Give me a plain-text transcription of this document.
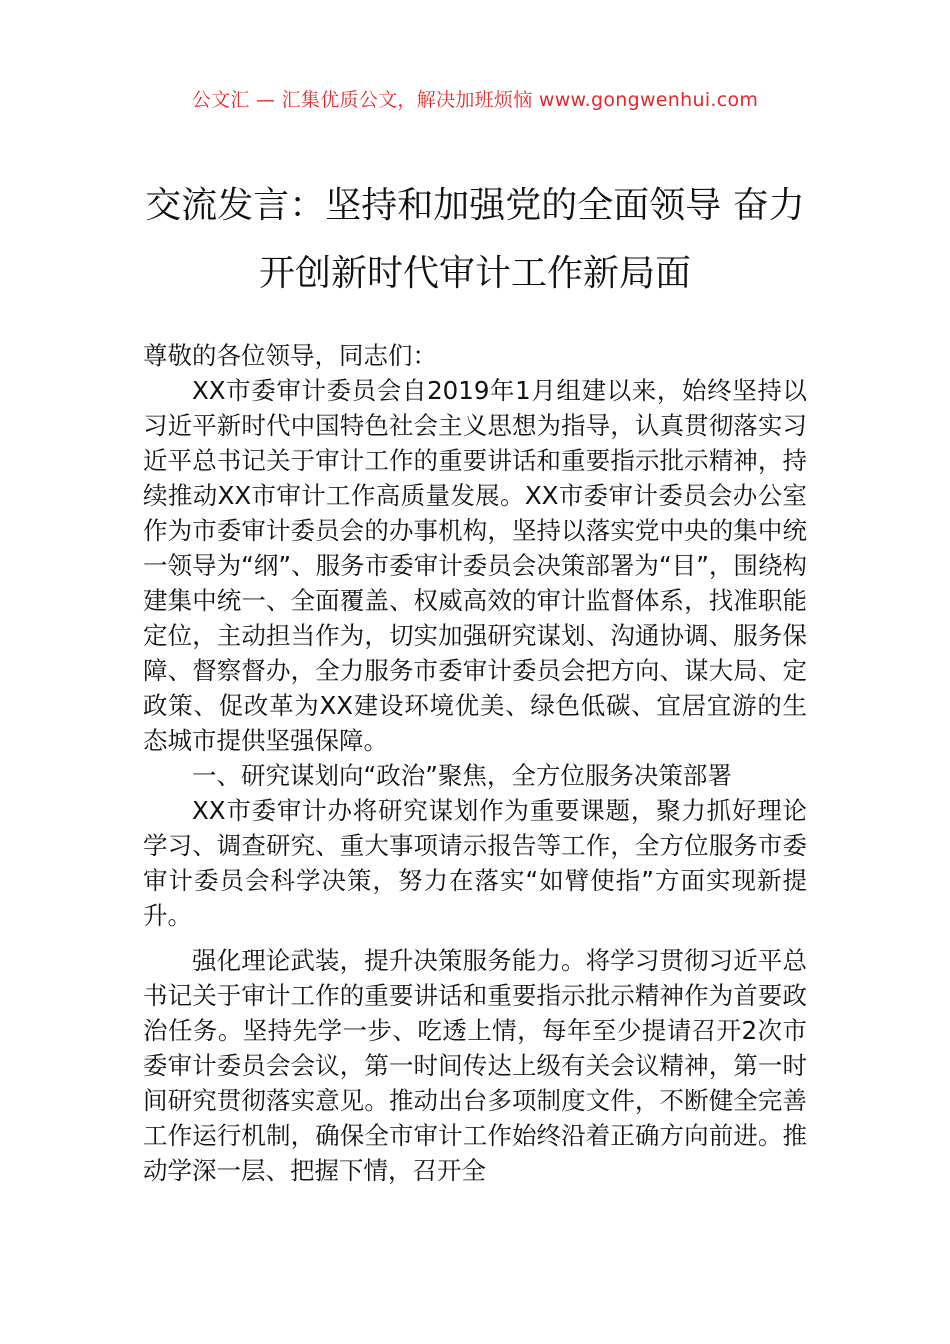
公文汇 — 汇集优质公文，解决加班烦恼 www.gongwenhui.com
交流发言：坚持和加强党的全面领导 奋力开创新时代审计工作新局面

尊敬的各位领导，同志们：

XX市委审计委员会自2019年1月组建以来，始终坚持以习近平新时代中国特色社会主义思想为指导，认真贯彻落实习近平总书记关于审计工作的重要讲话和重要指示批示精神，持续推动XX市审计工作高质量发展。XX市委审计委员会办公室作为市委审计委员会的办事机构，坚持以落实党中央的集中统一领导为“纲”、服务市委审计委员会决策部署为“目”，围绕构建集中统一、全面覆盖、权威高效的审计监督体系，找准职能定位，主动担当作为，切实加强研究谋划、沟通协调、服务保障、督察督办，全力服务市委审计委员会把方向、谋大局、定政策、促改革为XX建设环境优美、绿色低碳、宜居宜游的生态城市提供坚强保障。

一、研究谋划向“政治”聚焦，全方位服务决策部署

XX市委审计办将研究谋划作为重要课题，聚力抓好理论学习、调查研究、重大事项请示报告等工作，全方位服务市委审计委员会科学决策，努力在落实“如臂使指”方面实现新提升。

强化理论武装，提升决策服务能力。将学习贯彻习近平总书记关于审计工作的重要讲话和重要指示批示精神作为首要政治任务。坚持先学一步、吃透上情，每年至少提请召开2次市委审计委员会会议，第一时间传达上级有关会议精神，第一时间研究贯彻落实意见。推动出台多项制度文件，不断健全完善工作运行机制，确保全市审计工作始终沿着正确方向前进。推动学深一层、把握下情，召开全
